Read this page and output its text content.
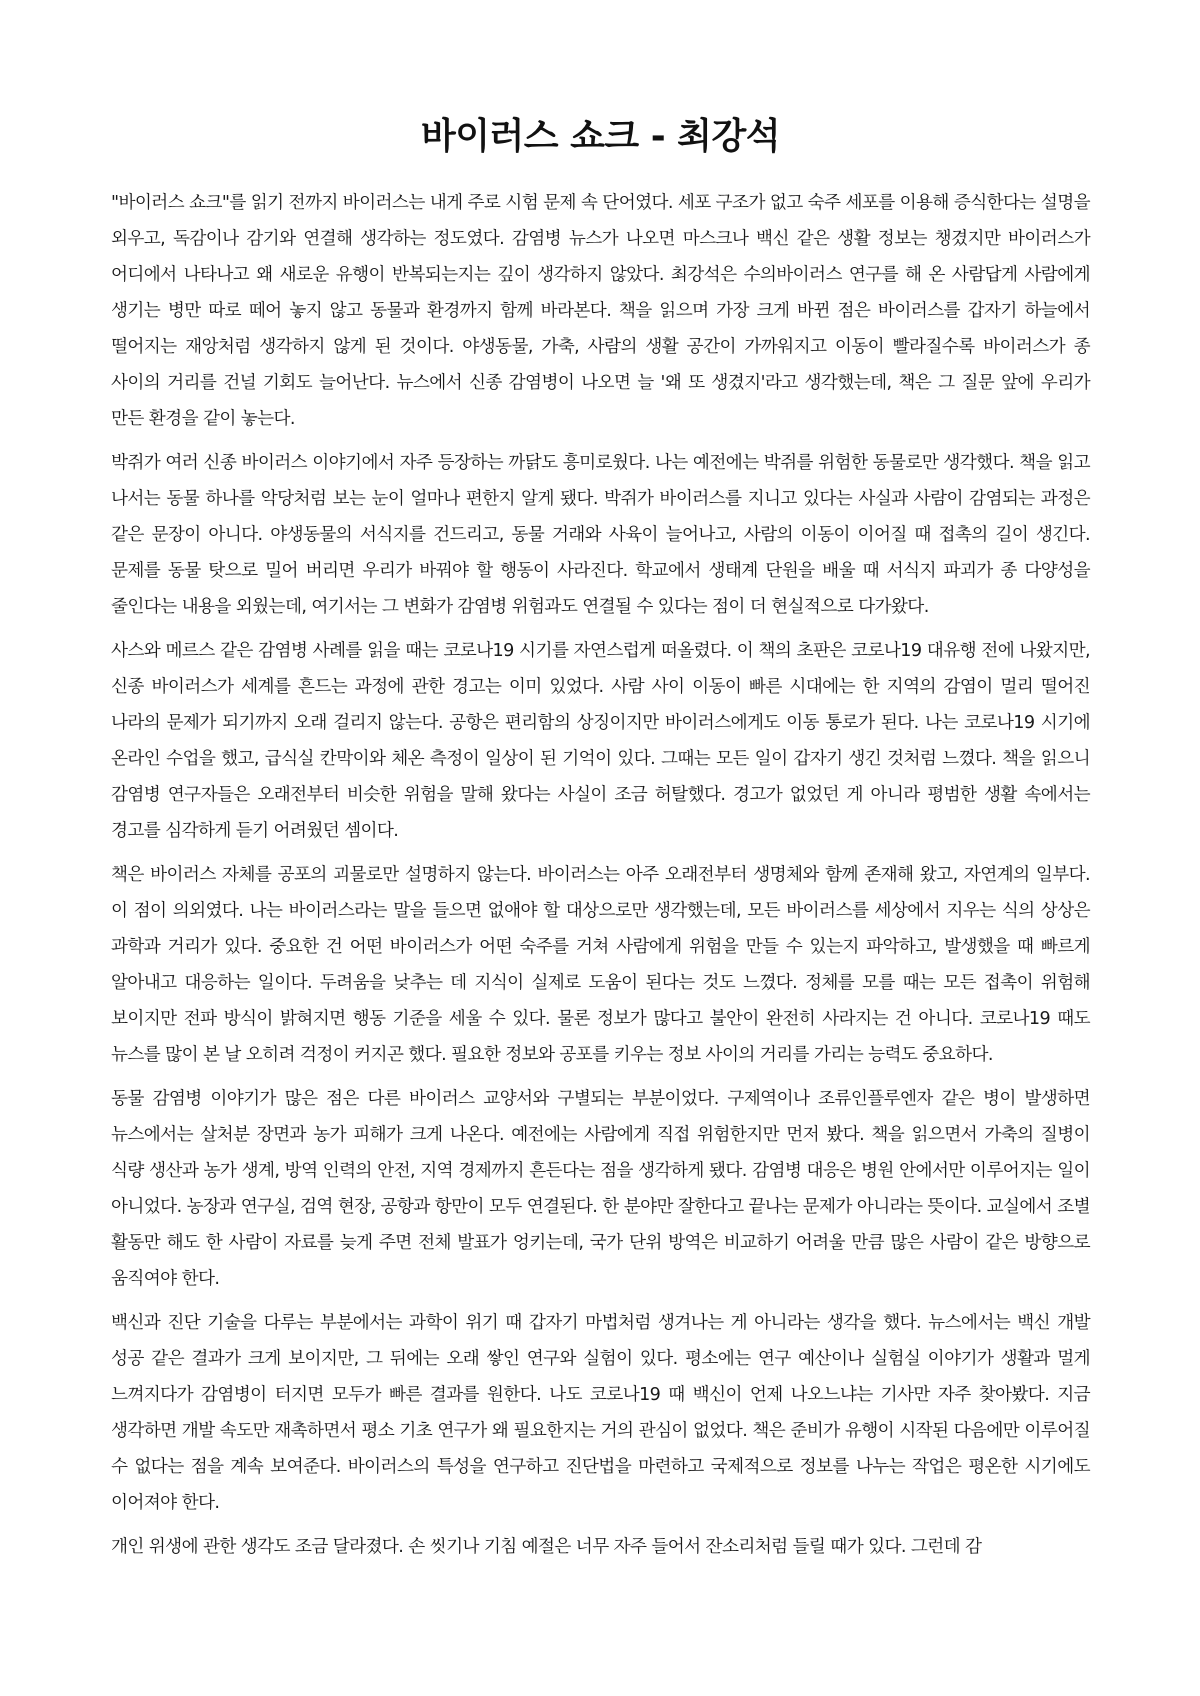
바이러스 쇼크 - 최강석

"바이러스 쇼크"를 읽기 전까지 바이러스는 내게 주로 시험 문제 속 단어였다. 세포 구조가 없고 숙주 세포를 이용해 증식한다는 설명을 외우고, 독감이나 감기와 연결해 생각하는 정도였다. 감염병 뉴스가 나오면 마스크나 백신 같은 생활 정보는 챙겼지만 바이러스가 어디에서 나타나고 왜 새로운 유행이 반복되는지는 깊이 생각하지 않았다. 최강석은 수의바이러스 연구를 해 온 사람답게 사람에게 생기는 병만 따로 떼어 놓지 않고 동물과 환경까지 함께 바라본다. 책을 읽으며 가장 크게 바뀐 점은 바이러스를 갑자기 하늘에서 떨어지는 재앙처럼 생각하지 않게 된 것이다. 야생동물, 가축, 사람의 생활 공간이 가까워지고 이동이 빨라질수록 바이러스가 종 사이의 거리를 건널 기회도 늘어난다. 뉴스에서 신종 감염병이 나오면 늘 '왜 또 생겼지'라고 생각했는데, 책은 그 질문 앞에 우리가 만든 환경을 같이 놓는다.

박쥐가 여러 신종 바이러스 이야기에서 자주 등장하는 까닭도 흥미로웠다. 나는 예전에는 박쥐를 위험한 동물로만 생각했다. 책을 읽고 나서는 동물 하나를 악당처럼 보는 눈이 얼마나 편한지 알게 됐다. 박쥐가 바이러스를 지니고 있다는 사실과 사람이 감염되는 과정은 같은 문장이 아니다. 야생동물의 서식지를 건드리고, 동물 거래와 사육이 늘어나고, 사람의 이동이 이어질 때 접촉의 길이 생긴다. 문제를 동물 탓으로 밀어 버리면 우리가 바꿔야 할 행동이 사라진다. 학교에서 생태계 단원을 배울 때 서식지 파괴가 종 다양성을 줄인다는 내용을 외웠는데, 여기서는 그 변화가 감염병 위험과도 연결될 수 있다는 점이 더 현실적으로 다가왔다.

사스와 메르스 같은 감염병 사례를 읽을 때는 코로나19 시기를 자연스럽게 떠올렸다. 이 책의 초판은 코로나19 대유행 전에 나왔지만, 신종 바이러스가 세계를 흔드는 과정에 관한 경고는 이미 있었다. 사람 사이 이동이 빠른 시대에는 한 지역의 감염이 멀리 떨어진 나라의 문제가 되기까지 오래 걸리지 않는다. 공항은 편리함의 상징이지만 바이러스에게도 이동 통로가 된다. 나는 코로나19 시기에 온라인 수업을 했고, 급식실 칸막이와 체온 측정이 일상이 된 기억이 있다. 그때는 모든 일이 갑자기 생긴 것처럼 느꼈다. 책을 읽으니 감염병 연구자들은 오래전부터 비슷한 위험을 말해 왔다는 사실이 조금 허탈했다. 경고가 없었던 게 아니라 평범한 생활 속에서는 경고를 심각하게 듣기 어려웠던 셈이다.

책은 바이러스 자체를 공포의 괴물로만 설명하지 않는다. 바이러스는 아주 오래전부터 생명체와 함께 존재해 왔고, 자연계의 일부다. 이 점이 의외였다. 나는 바이러스라는 말을 들으면 없애야 할 대상으로만 생각했는데, 모든 바이러스를 세상에서 지우는 식의 상상은 과학과 거리가 있다. 중요한 건 어떤 바이러스가 어떤 숙주를 거쳐 사람에게 위험을 만들 수 있는지 파악하고, 발생했을 때 빠르게 알아내고 대응하는 일이다. 두려움을 낮추는 데 지식이 실제로 도움이 된다는 것도 느꼈다. 정체를 모를 때는 모든 접촉이 위험해 보이지만 전파 방식이 밝혀지면 행동 기준을 세울 수 있다. 물론 정보가 많다고 불안이 완전히 사라지는 건 아니다. 코로나19 때도 뉴스를 많이 본 날 오히려 걱정이 커지곤 했다. 필요한 정보와 공포를 키우는 정보 사이의 거리를 가리는 능력도 중요하다.

동물 감염병 이야기가 많은 점은 다른 바이러스 교양서와 구별되는 부분이었다. 구제역이나 조류인플루엔자 같은 병이 발생하면 뉴스에서는 살처분 장면과 농가 피해가 크게 나온다. 예전에는 사람에게 직접 위험한지만 먼저 봤다. 책을 읽으면서 가축의 질병이 식량 생산과 농가 생계, 방역 인력의 안전, 지역 경제까지 흔든다는 점을 생각하게 됐다. 감염병 대응은 병원 안에서만 이루어지는 일이 아니었다. 농장과 연구실, 검역 현장, 공항과 항만이 모두 연결된다. 한 분야만 잘한다고 끝나는 문제가 아니라는 뜻이다. 교실에서 조별 활동만 해도 한 사람이 자료를 늦게 주면 전체 발표가 엉키는데, 국가 단위 방역은 비교하기 어려울 만큼 많은 사람이 같은 방향으로 움직여야 한다.

백신과 진단 기술을 다루는 부분에서는 과학이 위기 때 갑자기 마법처럼 생겨나는 게 아니라는 생각을 했다. 뉴스에서는 백신 개발 성공 같은 결과가 크게 보이지만, 그 뒤에는 오래 쌓인 연구와 실험이 있다. 평소에는 연구 예산이나 실험실 이야기가 생활과 멀게 느껴지다가 감염병이 터지면 모두가 빠른 결과를 원한다. 나도 코로나19 때 백신이 언제 나오느냐는 기사만 자주 찾아봤다. 지금 생각하면 개발 속도만 재촉하면서 평소 기초 연구가 왜 필요한지는 거의 관심이 없었다. 책은 준비가 유행이 시작된 다음에만 이루어질 수 없다는 점을 계속 보여준다. 바이러스의 특성을 연구하고 진단법을 마련하고 국제적으로 정보를 나누는 작업은 평온한 시기에도 이어져야 한다.

개인 위생에 관한 생각도 조금 달라졌다. 손 씻기나 기침 예절은 너무 자주 들어서 잔소리처럼 들릴 때가 있다. 그런데 감
